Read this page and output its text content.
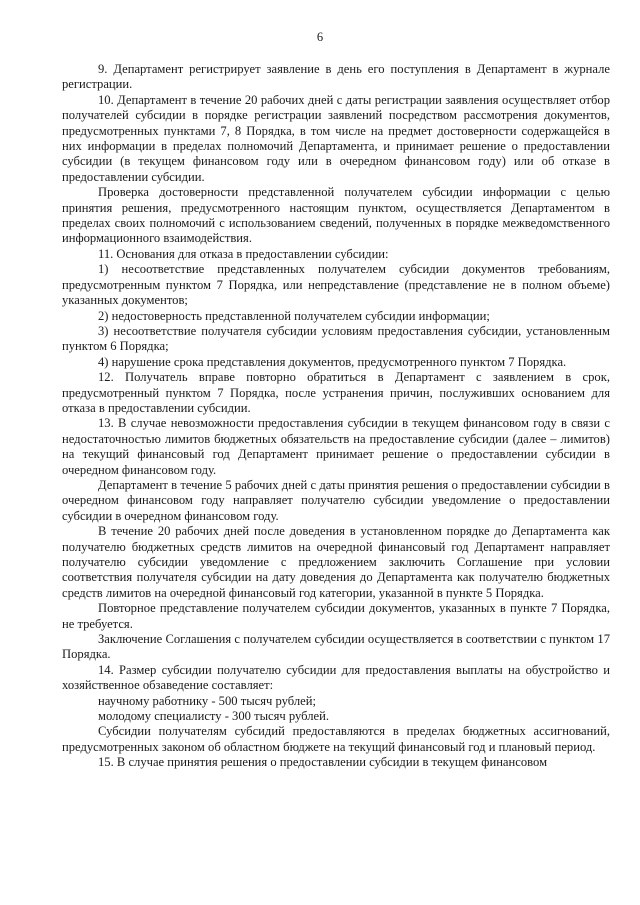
6

9. Департамент регистрирует заявление в день его поступления в Департамент в журнале регистрации.

10. Департамент в течение 20 рабочих дней с даты регистрации заявления осуществляет отбор получателей субсидии в порядке регистрации заявлений посредством рассмотрения документов, предусмотренных пунктами 7, 8 Порядка, в том числе на предмет достоверности содержащейся в них информации в пределах полномочий Департамента, и принимает решение о предоставлении субсидии (в текущем финансовом году или в очередном финансовом году) или об отказе в предоставлении субсидии.

Проверка достоверности представленной получателем субсидии информации с целью принятия решения, предусмотренного настоящим пунктом, осуществляется Департаментом в пределах своих полномочий с использованием сведений, полученных в порядке межведомственного информационного взаимодействия.

11. Основания для отказа в предоставлении субсидии:

1) несоответствие представленных получателем субсидии документов требованиям, предусмотренным пунктом 7 Порядка, или непредставление (представление не в полном объеме) указанных документов;

2) недостоверность представленной получателем субсидии информации;

3) несоответствие получателя субсидии условиям предоставления субсидии, установленным пунктом 6 Порядка;

4) нарушение срока представления документов, предусмотренного пунктом 7 Порядка.

12. Получатель вправе повторно обратиться в Департамент с заявлением в срок, предусмотренный пунктом 7 Порядка, после устранения причин, послуживших основанием для отказа в предоставлении субсидии.

13. В случае невозможности предоставления субсидии в текущем финансовом году в связи с недостаточностью лимитов бюджетных обязательств на предоставление субсидии (далее – лимитов) на текущий финансовый год Департамент принимает решение о предоставлении субсидии в очередном финансовом году.

Департамент в течение 5 рабочих дней с даты принятия решения о предоставлении субсидии в очередном финансовом году направляет получателю субсидии уведомление о предоставлении субсидии в очередном финансовом году.

В течение 20 рабочих дней после доведения в установленном порядке до Департамента как получателю бюджетных средств лимитов на очередной финансовый год Департамент направляет получателю субсидии уведомление с предложением заключить Соглашение при условии соответствия получателя субсидии на дату доведения до Департамента как получателю бюджетных средств лимитов на очередной финансовый год категории, указанной в пункте 5 Порядка.

Повторное представление получателем субсидии документов, указанных в пункте 7 Порядка, не требуется.

Заключение Соглашения с получателем субсидии осуществляется в соответствии с пунктом 17 Порядка.

14. Размер субсидии получателю субсидии для предоставления выплаты на обустройство и хозяйственное обзаведение составляет:

научному работнику - 500 тысяч рублей;

молодому специалисту - 300 тысяч рублей.

Субсидии получателям субсидий предоставляются в пределах бюджетных ассигнований, предусмотренных законом об областном бюджете на текущий финансовый год и плановый период.

15. В случае принятия решения о предоставлении субсидии в текущем финансовом
